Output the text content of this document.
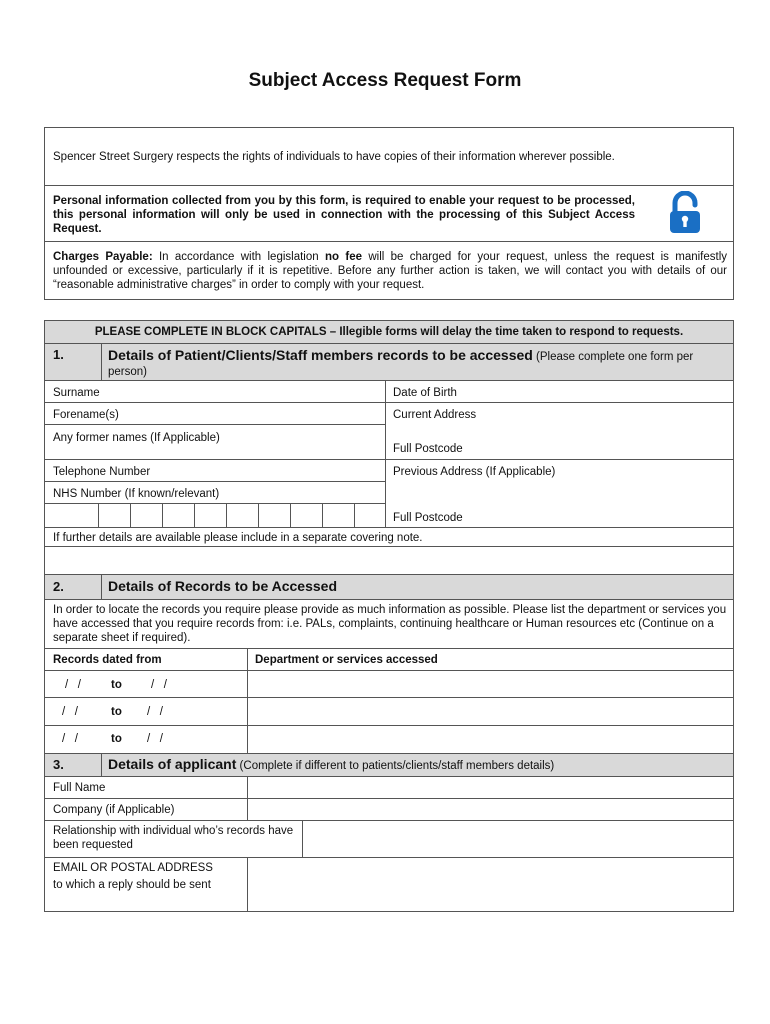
Subject Access Request Form
Spencer Street Surgery respects the rights of individuals to have copies of their information wherever possible.
Personal information collected from you by this form, is required to enable your request to be processed, this personal information will only be used in connection with the processing of this Subject Access Request.
Charges Payable: In accordance with legislation no fee will be charged for your request, unless the request is manifestly unfounded or excessive, particularly if it is repetitive. Before any further action is taken, we will contact you with details of our “reasonable administrative charges” in order to comply with your request.
PLEASE COMPLETE IN BLOCK CAPITALS – Illegible forms will delay the time taken to respond to requests.
1.	Details of Patient/Clients/Staff members records to be accessed (Please complete one form per person)
Surname	Date of Birth
Forename(s)	Current Address
Any former names (If Applicable)
Full Postcode
Telephone Number	Previous Address (If Applicable)
NHS Number (If known/relevant)
Full Postcode
If further details are available please include in a separate covering note.
2.	Details of Records to be Accessed
In order to locate the records you require please provide as much information as possible. Please list the department or services you have accessed that you require records from: i.e. PALs, complaints, continuing healthcare or Human resources etc (Continue on a separate sheet if required).
Records dated from	Department or services accessed
/   /	to	/   /
/   /	to /   /
/   /	to /   /
3.	Details of applicant (Complete if different to patients/clients/staff members details)
Full Name
Company (if Applicable)
Relationship with individual who’s records have been requested
EMAIL OR POSTAL ADDRESS
to which a reply should be sent
